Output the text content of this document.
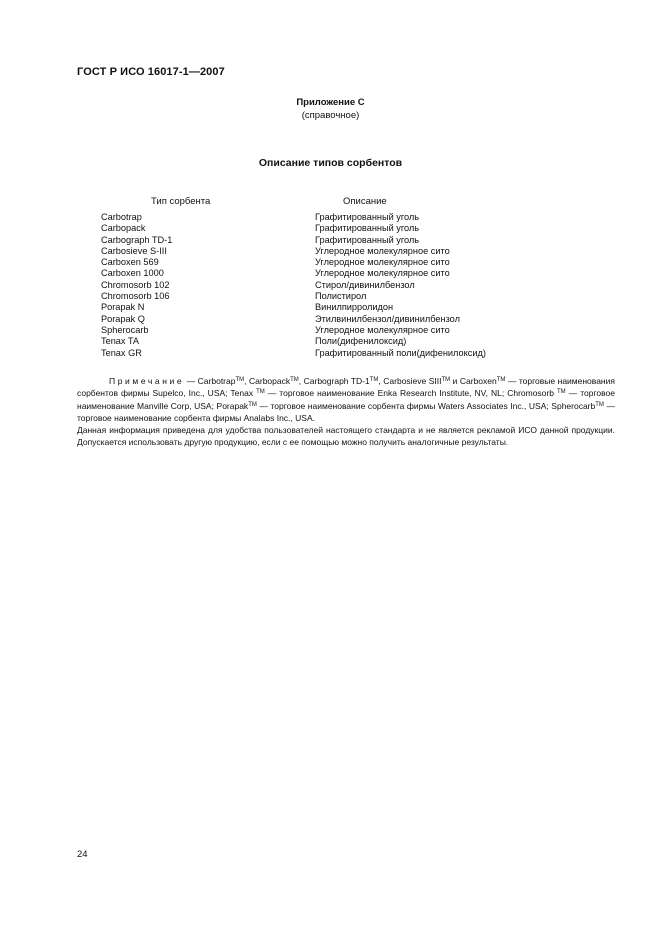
ГОСТ Р ИСО 16017-1—2007
Приложение С
(справочное)
Описание типов сорбентов
Тип сорбента	Описание
Carbotrap	Графитированный уголь
Carbopack	Графитированный уголь
Carbograph TD-1	Графитированный уголь
Carbosieve S-III	Углеродное молекулярное сито
Carboxen 569	Углеродное молекулярное сито
Carboxen 1000	Углеродное молекулярное сито
Chromosorb 102	Стирол/дивинилбензол
Chromosorb 106	Полистирол
Porapak N	Винилпирролидон
Porapak Q	Этилвинилбензол/дивинилбензол
Spherocarb	Углеродное молекулярное сито
Tenax TA	Поли(дифенилоксид)
Tenax GR	Графитированный поли(дифенилоксид)

Примечание — Carbotrap™, Carbopack™, Carbograph TD-1™, Carbosieve SIII™ и Carboxen™ — торговые наименования сорбентов фирмы Supelco, Inc., USA; Tenax ™ — торговое наименование Enka Research Institute, NV, NL; Chromosorb ™ — торговое наименование Manville Corp, USA; Porapak™ — торговое наименование сорбента фирмы Waters Associates Inc., USA; Spherocarb™ — торговое наименование сорбента фирмы Analabs Inc., USA.

Данная информация приведена для удобства пользователей настоящего стандарта и не является рекламой ИСО данной продукции. Допускается использовать другую продукцию, если с ее помощью можно получить аналогичные результаты.

24
